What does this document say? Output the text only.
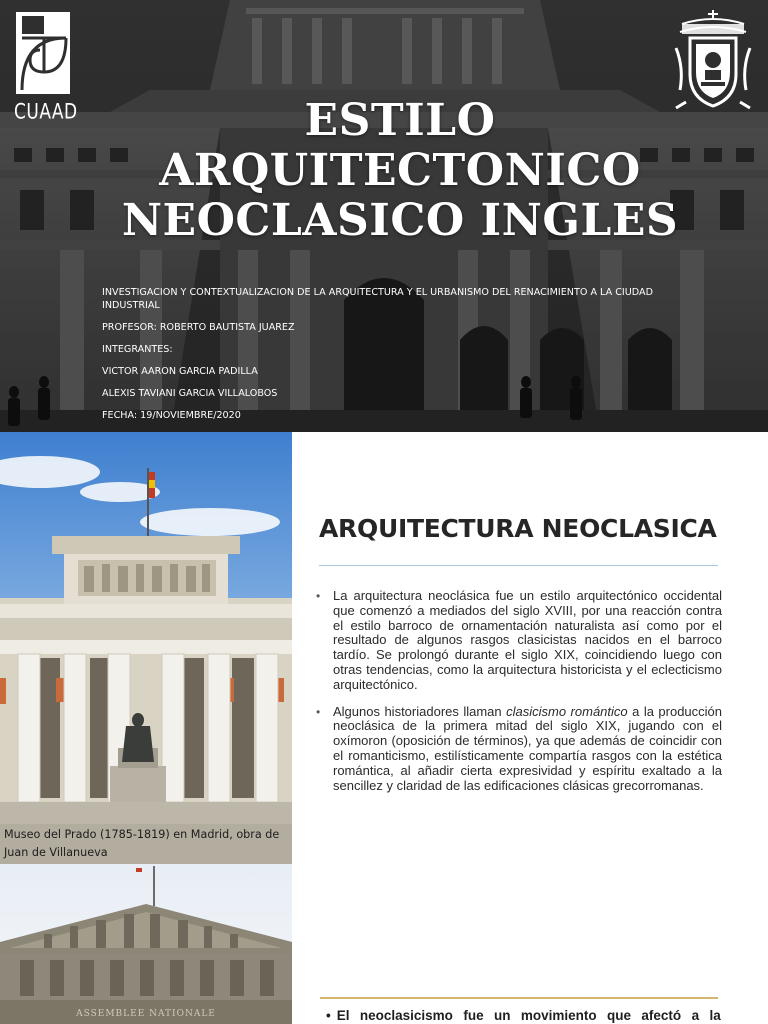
CUAAD	ESTILO
ARQUITECTONICO
NEOCLASICO INGLES

INVESTIGACION Y CONTEXTUALIZACION DE LA ARQUITECTURA Y EL URBANISMO DEL RENACIMIENTO A LA CIUDAD INDUSTRIAL

PROFESOR: ROBERTO BAUTISTA JUAREZ

INTEGRANTES:

VICTOR AARON GARCIA PADILLA

ALEXIS TAVIANI GARCIA VILLALOBOS

FECHA: 19/NOVIEMBRE/2020

Museo del Prado (1785-1819) en Madrid, obra de Juan de Villanueva
ARQUITECTURA NEOCLASICA
• La arquitectura neoclásica fue un estilo arquitectónico occidental que comenzó a mediados del siglo XVIII, por una reacción contra el estilo barroco de ornamentación naturalista así como por el resultado de algunos rasgos clasicistas nacidos en el barroco tardío. Se prolongó durante el siglo XIX, coincidiendo luego con otras tendencias, como la arquitectura historicista y el eclecticismo arquitectónico.
• Algunos historiadores llaman clasicismo romántico a la producción neoclásica de la primera mitad del siglo XIX, jugando con el oxímoron (oposición de términos), ya que además de coincidir con el romanticismo, estilísticamente compartía rasgos con la estética romántica, al añadir cierta expresividad y espíritu exaltado a la sencillez y claridad de las edificaciones clásicas grecorromanas.
ASSEMBLEE NATIONALE	• El neoclasicismo fue un movimiento que afectó a la
